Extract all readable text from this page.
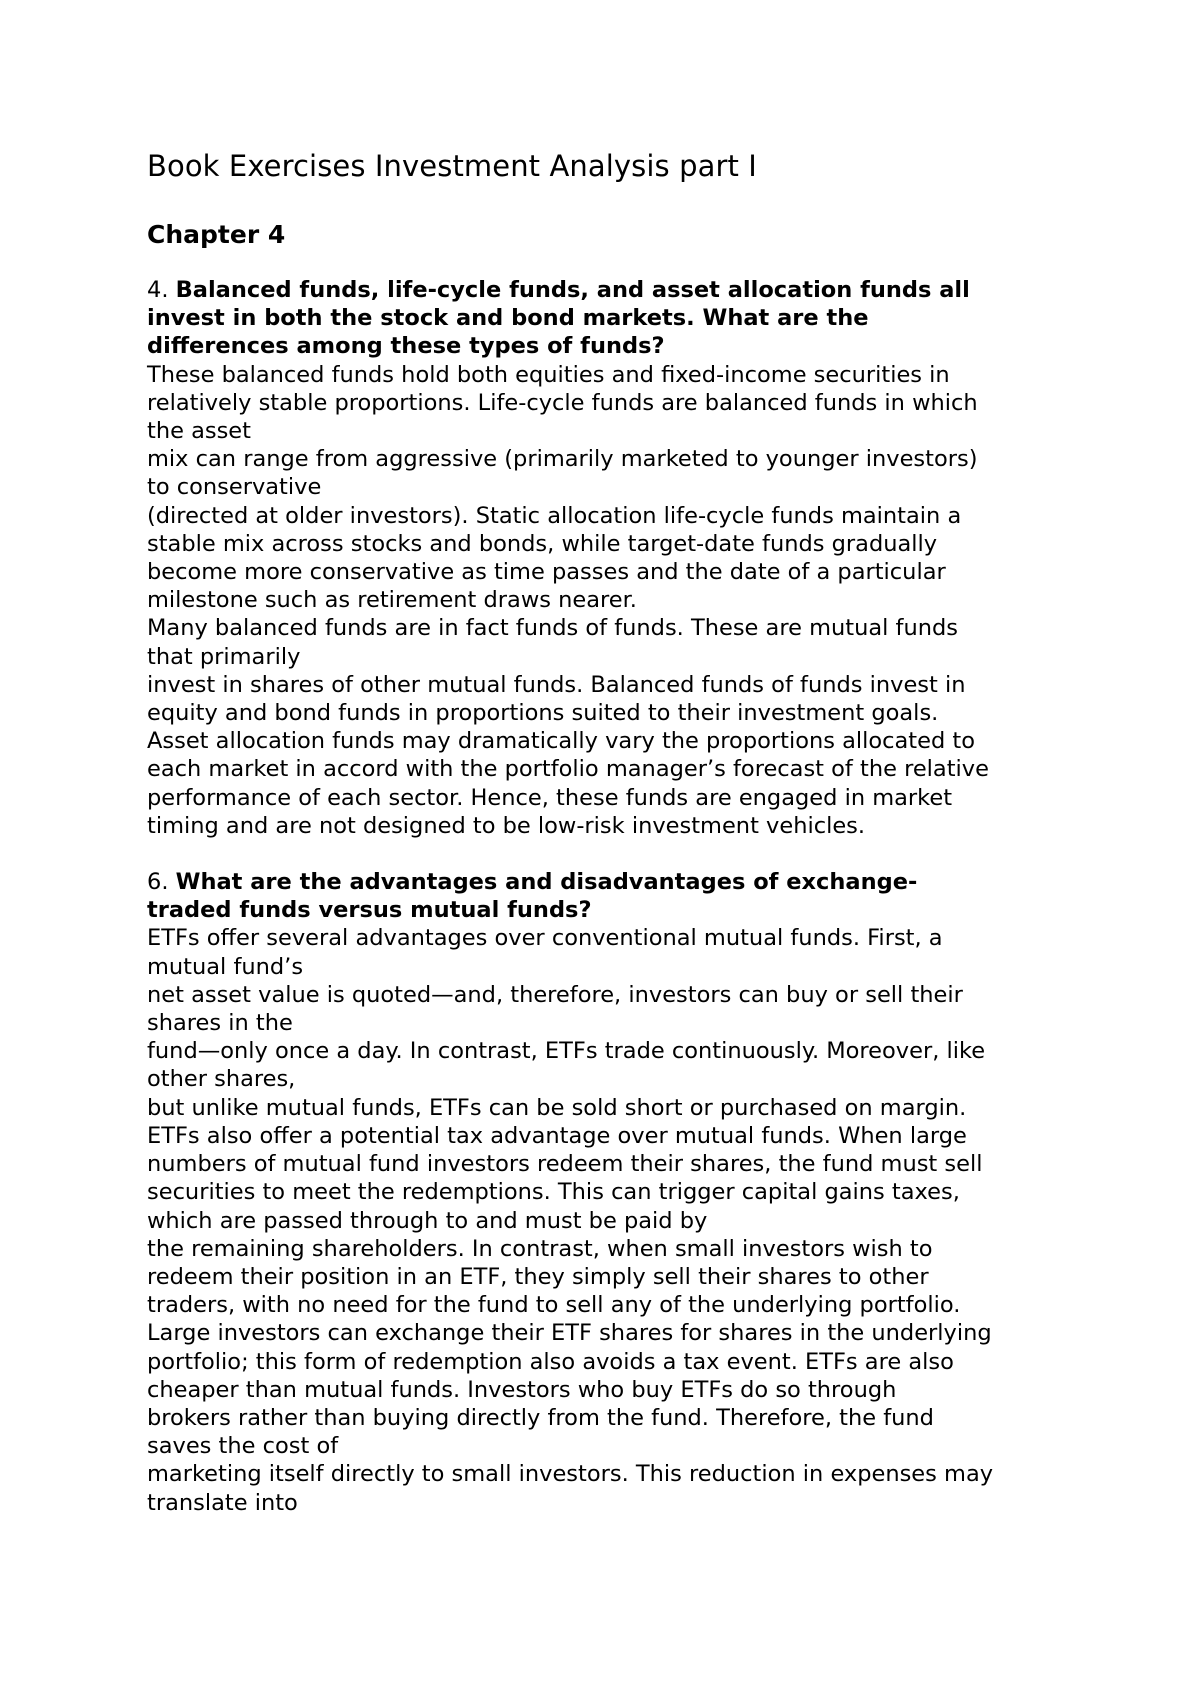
Book Exercises Investment Analysis part I
Chapter 4
4. Balanced funds, life-cycle funds, and asset allocation funds all
invest in both the stock and bond markets. What are the
differences among these types of funds?
These balanced funds hold both equities and fixed-income securities in
relatively stable proportions. Life-cycle funds are balanced funds in which
the asset
mix can range from aggressive (primarily marketed to younger investors)
to conservative
(directed at older investors). Static allocation life-cycle funds maintain a
stable mix across stocks and bonds, while target-date funds gradually
become more conservative as time passes and the date of a particular
milestone such as retirement draws nearer.
Many balanced funds are in fact funds of funds. These are mutual funds
that primarily
invest in shares of other mutual funds. Balanced funds of funds invest in
equity and bond funds in proportions suited to their investment goals.
Asset allocation funds may dramatically vary the proportions allocated to
each market in accord with the portfolio manager’s forecast of the relative
performance of each sector. Hence, these funds are engaged in market
timing and are not designed to be low-risk investment vehicles.
6. What are the advantages and disadvantages of exchange-
traded funds versus mutual funds?
ETFs offer several advantages over conventional mutual funds. First, a
mutual fund’s
net asset value is quoted—and, therefore, investors can buy or sell their
shares in the
fund—only once a day. In contrast, ETFs trade continuously. Moreover, like
other shares,
but unlike mutual funds, ETFs can be sold short or purchased on margin.
ETFs also offer a potential tax advantage over mutual funds. When large
numbers of mutual fund investors redeem their shares, the fund must sell
securities to meet the redemptions. This can trigger capital gains taxes,
which are passed through to and must be paid by
the remaining shareholders. In contrast, when small investors wish to
redeem their position in an ETF, they simply sell their shares to other
traders, with no need for the fund to sell any of the underlying portfolio.
Large investors can exchange their ETF shares for shares in the underlying
portfolio; this form of redemption also avoids a tax event. ETFs are also
cheaper than mutual funds. Investors who buy ETFs do so through
brokers rather than buying directly from the fund. Therefore, the fund
saves the cost of
marketing itself directly to small investors. This reduction in expenses may
translate into
